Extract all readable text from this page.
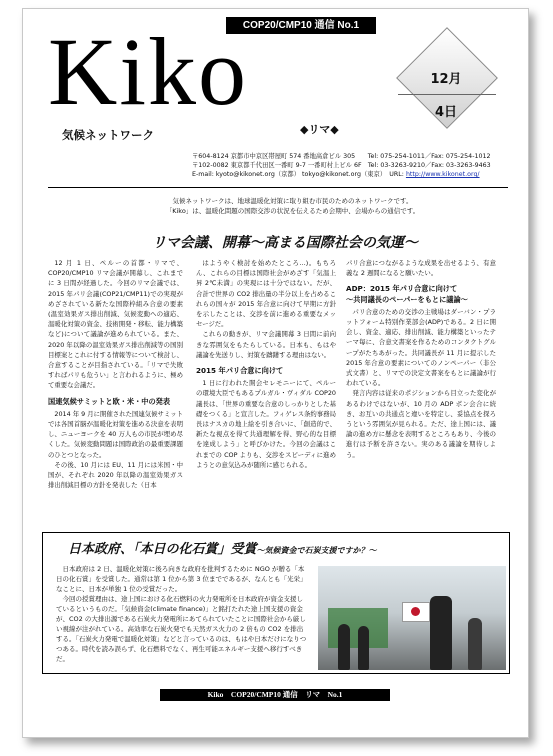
COP20/CMP10 通信 No.1
Kiko
◆リマ◆
気候ネットワーク
12月
4日
〒604-8124 京都市中京区帯屋町 574 番地高倉ビル 305　　Tel: 075-254-1011／Fax: 075-254-1012
〒102-0082 東京都千代田区一番町 9-7 一番町村上ビル 6F　Tel: 03-3263-9210／Fax: 03-3263-9463
E-mail: kyoto@kikonet.org（京都） tokyo@kikonet.org（東京）　URL: http://www.kikonet.org/
気候ネットワークは、地球温暖化対策に取り組む市民のためのネットワークです。
「Kiko」は、温暖化問題の国際交渉の状況を伝えるため会期中、会場からの通信です。
リマ会議、開幕～高まる国際社会の気運～

12 月 1 日、ペルーの首都・リマで、COP20/CMP10 リマ会議が開幕し、これまでに 3 日間が経過した。今回のリマ会議では、2015 年パリ会議(COP21/CMP11)での実現がめざされている新たな国際枠組み合意の要素(温室効果ガス排出削減、気候変動への適応、温暖化対策の資金、技術開発・移転、能力構築など)について議論が進められている。また、2020 年以降の温室効果ガス排出削減等の国別目標案とこれに付する情報等について検討し、合意することが目指されている。「リマで失敗すればパリも危うい」と言われるように、極めて重要な会議だ。

国連気候サミットと欧・米・中の発表

2014 年 9 月に開催された国連気候サミットでは各国首脳が温暖化対策を進める決意を表明し、ニューヨークを 40 万人もの市民が埋め尽くした。気候変動問題は国際政治の最重要課題のひとつとなった。

その後、10 月には EU、11 月には米国・中国が、それぞれ 2020 年以降の温室効果ガス排出削減目標の方針を発表した（日本

はようやく検討を始めたところ…)。もちろん、これらの目標は国際社会がめざす「気温上昇 2℃未満」の実現には十分ではない。だが、合計で世界の CO2 排出量の半分以上を占めるこれらの国々が 2015 年合意に向けて早期に方針を示したことは、交渉を前に進める重要なメッセージだ。

これらの動きが、リマ会議開幕 3 日間に前向きな雰囲気をもたらしている。日本も、もはや議論を先送りし、対策を躊躇する理由はない。

2015 年パリ合意に向けて

1 日に行われた開会セレモニーにて、ペルーの環境大臣でもあるプルガル・ヴィダル COP20 議長は、「世界の重要な合意のしっかりとした基礎をつくる」と宣言した。フィゲレス条約事務局長はナスカの地上絵を引き合いに、「創造的で、新たな視点を得て共通理解を得、野心的な目標を達成しよう」と呼びかけた。今回の会議はこれまでの COP よりも、交渉をスピーディに進めようとの意気込みが随所に感じられる。

パリ合意につながるような成果を出せるよう、有意義な 2 週間になると願いたい。

ADP：2015 年パリ合意に向けて
～共同議長のペーパーをもとに議論～

パリ合意のための交渉の主戦場はダーバン・プラットフォーム特別作業部会(ADP)である。2 日に開会し、資金、適応、排出削減、能力構築といったテーマ毎に、合意文書案を作るためのコンタクトグループがたちあがった。共同議長が 11 月に提示した 2015 年合意の要素についてのノンペーパー（非公式文書）と、リマでの決定文書案をもとに議論が行われている。

発言内容は従来のポジションから目立った変化があるわけではないが、10 月の ADP ボン会合に続き、お互いの共通点と違いを特定し、妥協点を探ろうという雰囲気が見られる。ただ、途上国には、議論の進め方に懸念を表明するところもあり、今後の進行は予断を許さない。実のある議論を期待しよう。

日本政府、「本日の化石賞」受賞～気候資金で石炭支援ですか？～

日本政府は 2 日、温暖化対策に後ろ向きな政府を批判するために NGO が贈る「本日の化石賞」を受賞した。通常は第 1 位から第 3 位までであるが、なんとも「光栄」なことに、日本が単独 1 位の受賞だった。

今回の授賞理由は、途上国における化石燃料の火力発電所を日本政府が資金支援しているというものだ。「気候資金(climate finance)」と銘打たれた途上国支援の資金が、CO2 の大排出源である石炭火力発電所にあてられていたことに国際社会から厳しい視線が注がれている。高効率な石炭火発でも天然ガス火力の 2 倍もの CO2 を排出する。「石炭火力発電で温暖化対策」などと言っているのは、もはや日本だけになりつつある。時代を読み誤らず、化石燃料でなく、再生可能エネルギー支援へ移行すべきだ。

Kiko　COP20/CMP10 通信　リマ　No.1
